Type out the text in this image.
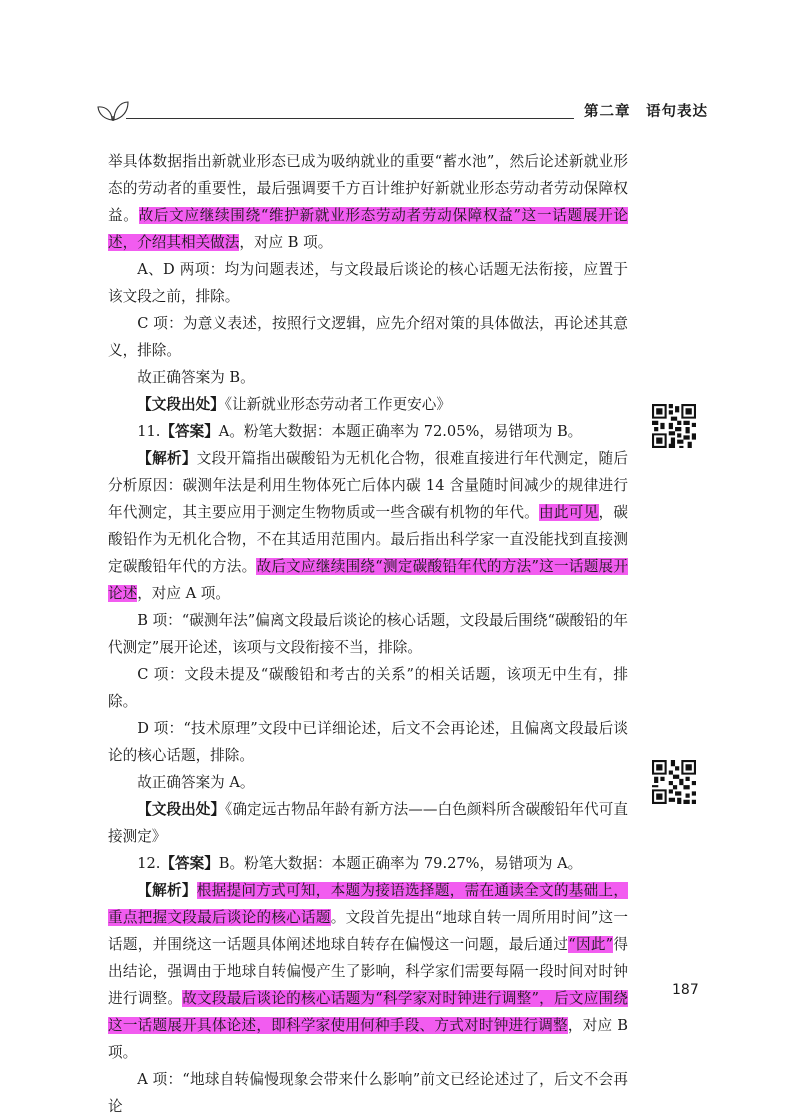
第二章　语句表达

举具体数据指出新就业形态已成为吸纳就业的重要“蓄水池”，然后论述新就业形态的劳动者的重要性，最后强调要千方百计维护好新就业形态劳动者劳动保障权益。故后文应继续围绕“维护新就业形态劳动者劳动保障权益”这一话题展开论述，介绍其相关做法，对应 B 项。

A、D 两项：均为问题表述，与文段最后谈论的核心话题无法衔接，应置于该文段之前，排除。

C 项：为意义表述，按照行文逻辑，应先介绍对策的具体做法，再论述其意义，排除。

故正确答案为 B。

【文段出处】《让新就业形态劳动者工作更安心》

11.【答案】A。粉笔大数据：本题正确率为 72.05%，易错项为 B。

【解析】文段开篇指出碳酸铅为无机化合物，很难直接进行年代测定，随后分析原因：碳测年法是利用生物体死亡后体内碳 14 含量随时间减少的规律进行年代测定，其主要应用于测定生物物质或一些含碳有机物的年代。由此可见，碳酸铅作为无机化合物，不在其适用范围内。最后指出科学家一直没能找到直接测定碳酸铅年代的方法。故后文应继续围绕“测定碳酸铅年代的方法”这一话题展开论述，对应 A 项。

B 项：“碳测年法”偏离文段最后谈论的核心话题，文段最后围绕“碳酸铅的年代测定”展开论述，该项与文段衔接不当，排除。

C 项：文段未提及“碳酸铅和考古的关系”的相关话题，该项无中生有，排除。

D 项：“技术原理”文段中已详细论述，后文不会再论述，且偏离文段最后谈论的核心话题，排除。

故正确答案为 A。

【文段出处】《确定远古物品年龄有新方法——白色颜料所含碳酸铅年代可直接测定》

12.【答案】B。粉笔大数据：本题正确率为 79.27%，易错项为 A。

【解析】根据提问方式可知，本题为接语选择题，需在通读全文的基础上，重点把握文段最后谈论的核心话题。文段首先提出“地球自转一周所用时间”这一话题，并围绕这一话题具体阐述地球自转存在偏慢这一问题，最后通过“因此”得出结论，强调由于地球自转偏慢产生了影响，科学家们需要每隔一段时间对时钟进行调整。故文段最后谈论的核心话题为“科学家对时钟进行调整”，后文应围绕这一话题展开具体论述，即科学家使用何种手段、方式对时钟进行调整，对应 B 项。

A 项：“地球自转偏慢现象会带来什么影响”前文已经论述过了，后文不会再论

187
